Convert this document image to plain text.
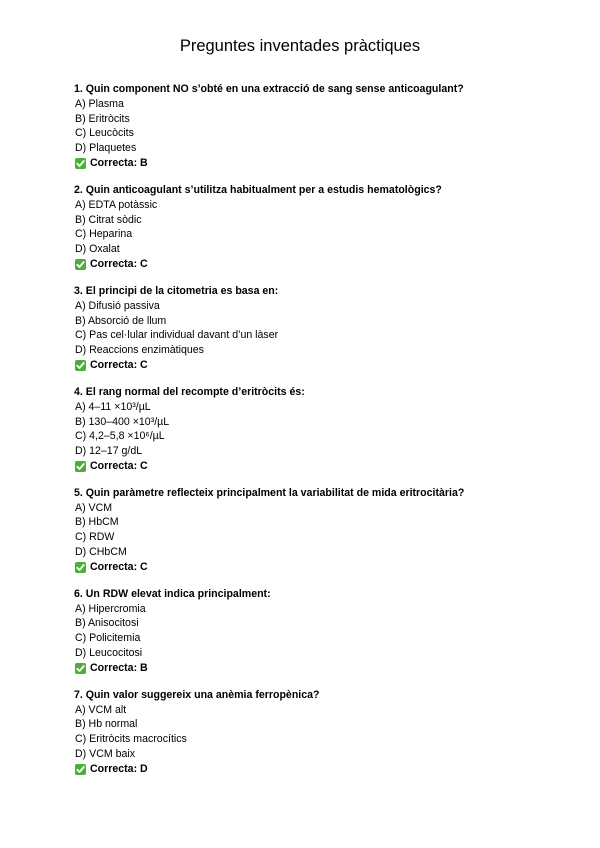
Preguntes inventades pràctiques
1. Quin component NO s’obté en una extracció de sang sense anticoagulant?
A) Plasma
B) Eritròcits
C) Leucòcits
D) Plaquetes
Correcta: B
2. Quin anticoagulant s’utilitza habitualment per a estudis hematològics?
A) EDTA potàssic
B) Citrat sòdic
C) Heparina
D) Oxalat
Correcta: C
3. El principi de la citometria es basa en:
A) Difusió passiva
B) Absorció de llum
C) Pas cel·lular individual davant d’un làser
D) Reaccions enzimàtiques
Correcta: C
4. El rang normal del recompte d’eritròcits és:
A) 4–11 ×10³/µL
B) 130–400 ×10³/µL
C) 4,2–5,8 ×10⁶/µL
D) 12–17 g/dL
Correcta: C
5. Quin paràmetre reflecteix principalment la variabilitat de mida eritrocitària?
A) VCM
B) HbCM
C) RDW
D) CHbCM
Correcta: C
6. Un RDW elevat indica principalment:
A) Hipercromia
B) Anisocitosi
C) Policitemia
D) Leucocitosi
Correcta: B
7. Quin valor suggereix una anèmia ferropènica?
A) VCM alt
B) Hb normal
C) Eritròcits macrocítics
D) VCM baix
Correcta: D
